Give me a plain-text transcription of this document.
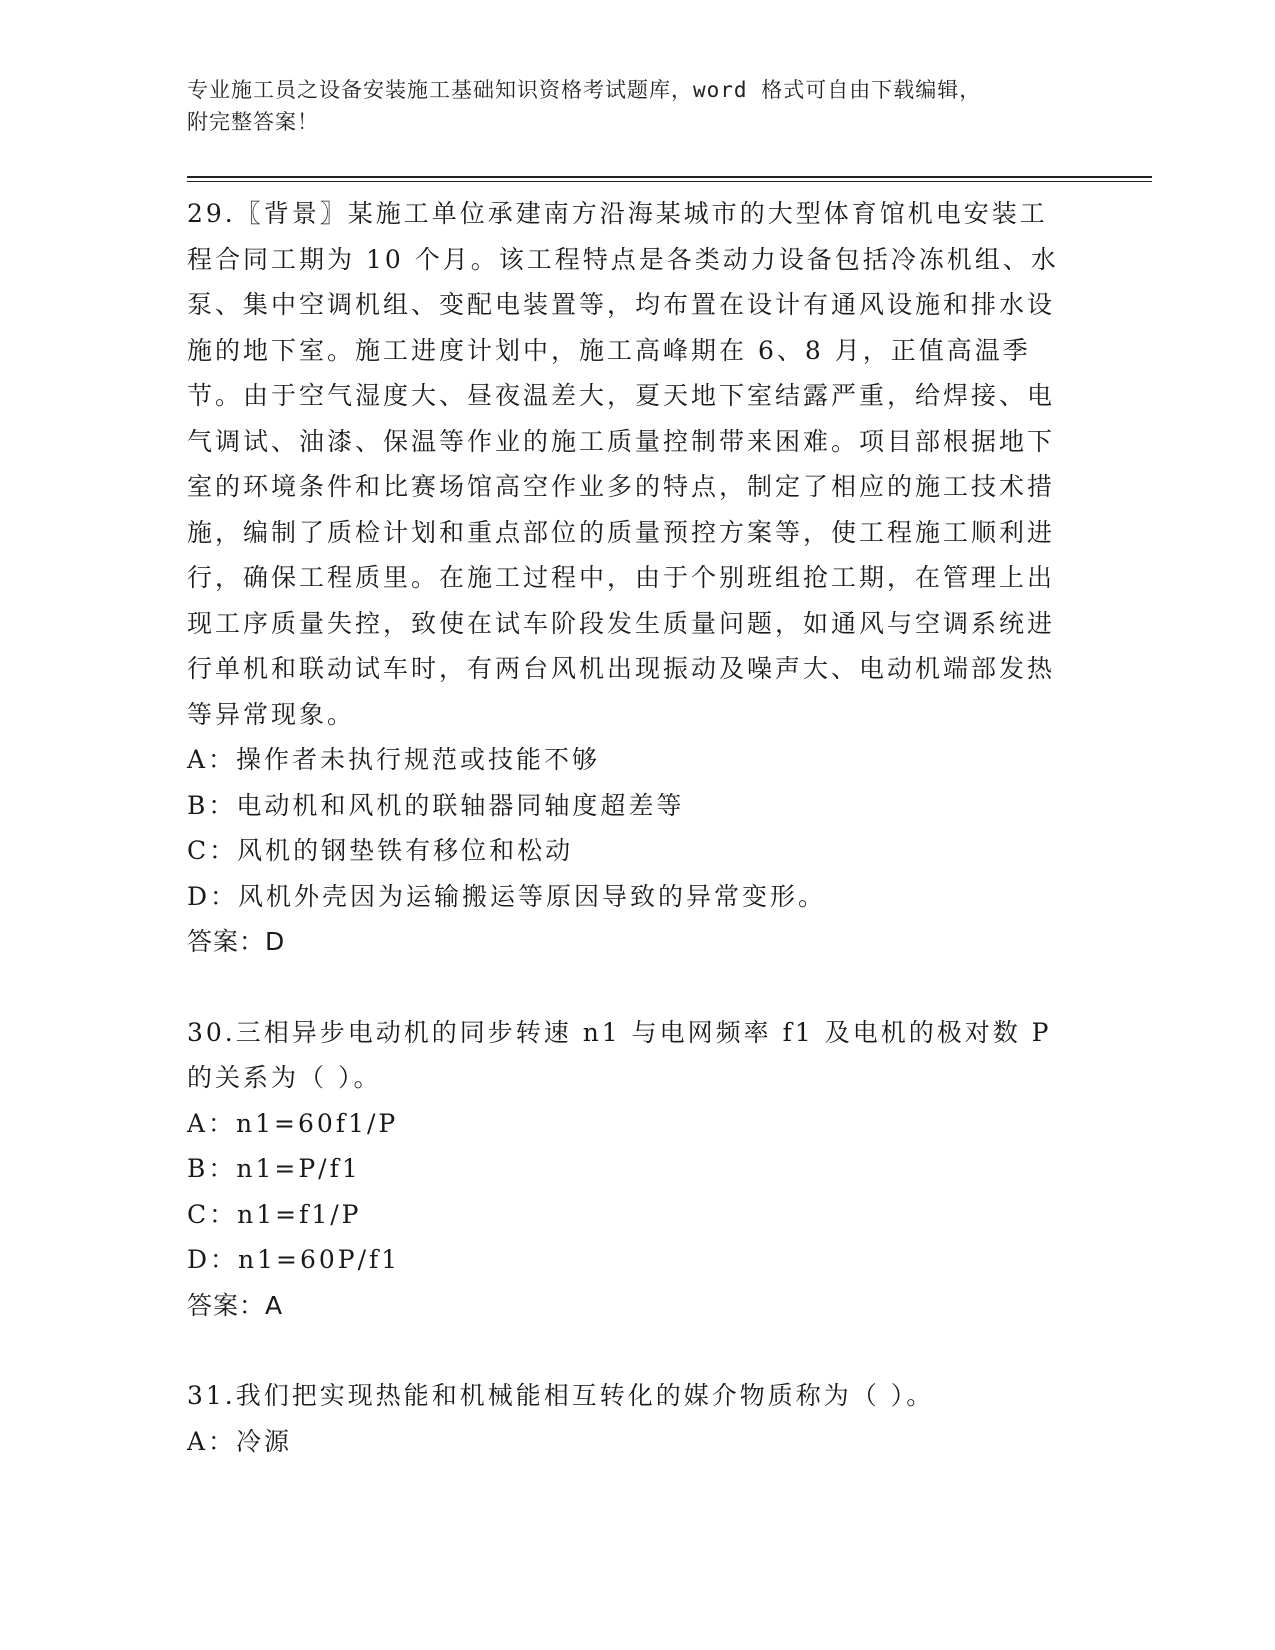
专业施工员之设备安装施工基础知识资格考试题库，word 格式可自由下载编辑，
附完整答案！

29.〖背景〗某施工单位承建南方沿海某城市的大型体育馆机电安装工程合同工期为 10 个月。该工程特点是各类动力设备包括冷冻机组、水泵、集中空调机组、变配电装置等，均布置在设计有通风设施和排水设施的地下室。施工进度计划中，施工高峰期在 6、8 月，正值高温季节。由于空气湿度大、昼夜温差大，夏天地下室结露严重，给焊接、电气调试、油漆、保温等作业的施工质量控制带来困难。项目部根据地下室的环境条件和比赛场馆高空作业多的特点，制定了相应的施工技术措施，编制了质检计划和重点部位的质量预控方案等，使工程施工顺利进行，确保工程质里。在施工过程中，由于个别班组抢工期，在管理上出现工序质量失控，致使在试车阶段发生质量问题，如通风与空调系统进行单机和联动试车时，有两台风机出现振动及噪声大、电动机端部发热等异常现象。

A：操作者未执行规范或技能不够

B：电动机和风机的联轴器同轴度超差等

C：风机的钢垫铁有移位和松动

D：风机外壳因为运输搬运等原因导致的异常变形。

答案：D

30.三相异步电动机的同步转速 n1 与电网频率 f1 及电机的极对数 P 的关系为（ ）。

A：n1=60f1/P

B：n1=P/f1

C：n1=f1/P

D：n1=60P/f1

答案：A

31.我们把实现热能和机械能相互转化的媒介物质称为（ ）。

A：冷源
